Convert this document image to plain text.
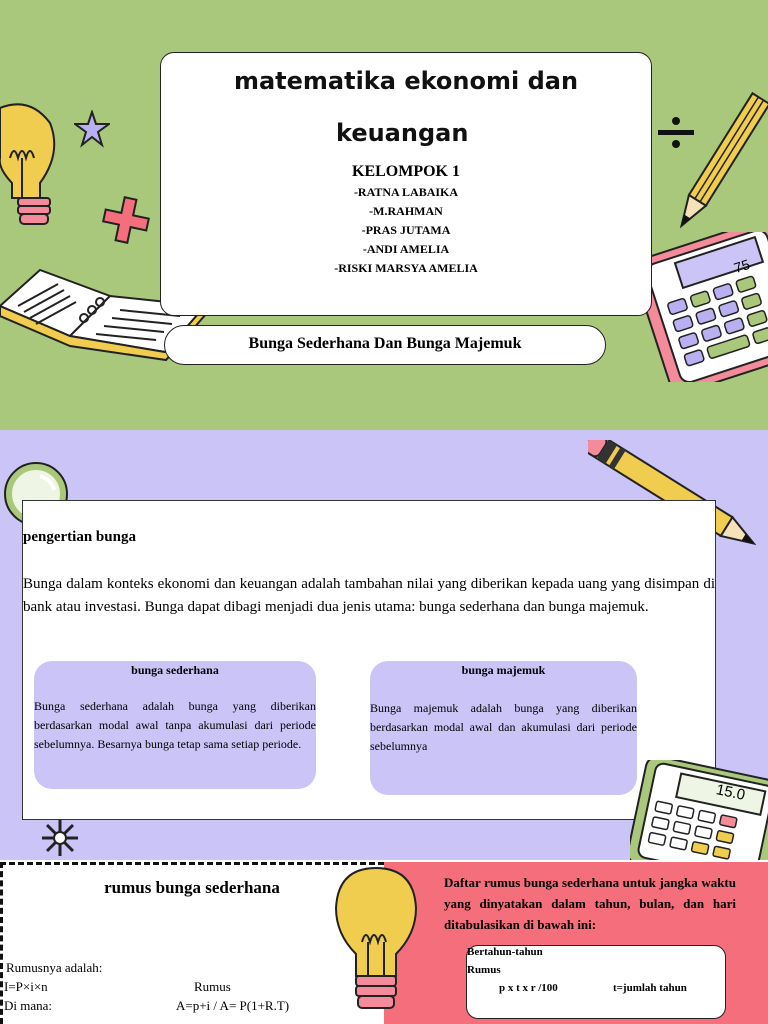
75
matematika ekonomi dan
keuangan
KELOMPOK 1
-RATNA LABAIKA
-M.RAHMAN
-PRAS JUTAMA
-ANDI AMELIA
-RISKI MARSYA AMELIA
Bunga Sederhana Dan Bunga Majemuk
pengertian bunga
Bunga dalam konteks ekonomi dan keuangan adalah tambahan nilai yang diberikan kepada uang yang disimpan di bank atau investasi. Bunga dapat dibagi menjadi dua jenis utama: bunga sederhana dan bunga majemuk.
bunga sederhana
Bunga sederhana adalah bunga yang diberikan berdasarkan modal awal tanpa akumulasi dari periode sebelumnya. Besarnya bunga tetap sama setiap periode.
bunga majemuk
Bunga majemuk adalah bunga yang diberikan berdasarkan modal awal dan akumulasi dari periode sebelumnya
15.0
Daftar rumus bunga sederhana untuk jangka waktu yang dinyatakan dalam tahun, bulan, dan hari ditabulasikan di bawah ini:
Bertahun-tahun
Rumus
p x t x r /100	t=jumlah tahun
rumus bunga sederhana
Rumusnya adalah:
I=P×i×n	Rumus
Di mana:	A=p+i / A= P(1+R.T)
